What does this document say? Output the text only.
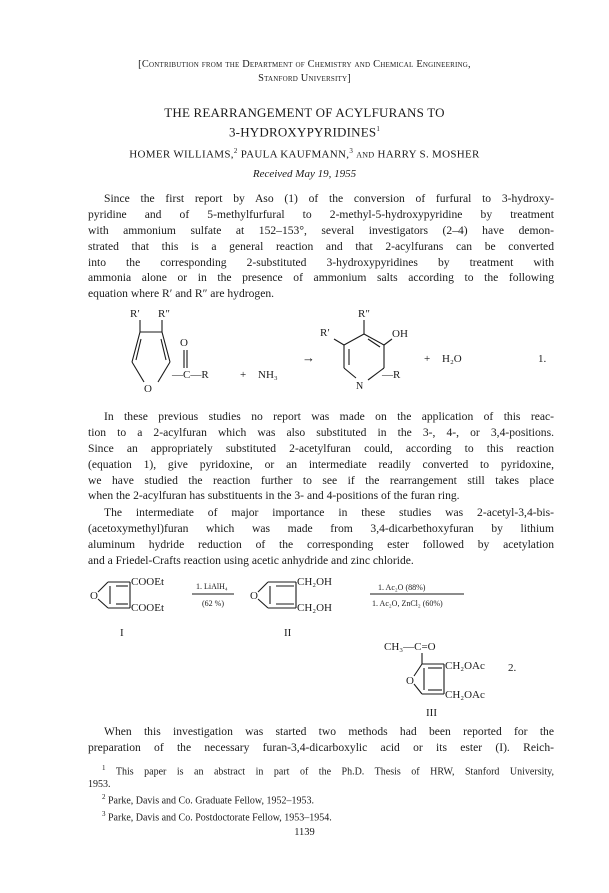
[Contribution from the Department of Chemistry and Chemical Engineering,
Stanford University]
THE REARRANGEMENT OF ACYLFURANS TO
3-HYDROXYPYRIDINES$^1$
HOMER WILLIAMS,$^2$ PAULA KAUFMANN,$^3$ and HARRY S. MOSHER
Received May 19, 1955
Since the first report by Aso (1) of the conversion of furfural to 3-hydroxy-
pyridine and of 5-methylfurfural to 2-methyl-5-hydroxypyridine by treatment
with ammonium sulfate at 152–153°, several investigators (2–4) have demon-
strated that this is a general reaction and that 2-acylfurans can be converted
into the corresponding 2-substituted 3-hydroxypyridines by treatment with
ammonia alone or in the presence of ammonium salts according to the following
equation where R′ and R″ are hydrogen.
R′ R″
O
O
—C—R	+ NH₃
→
R′
R″
OH
N
—R
+ H₂O	1.
In these previous studies no report was made on the application of this reac-
tion to a 2-acylfuran which was also substituted in the 3-, 4-, or 3,4-positions.
Since an appropriately substituted 2-acetylfuran could, according to this reaction
(equation 1), give pyridoxine, or an intermediate readily converted to pyridoxine,
we have studied the reaction further to see if the rearrangement still takes place
when the 2-acylfuran has substituents in the 3- and 4-positions of the furan ring.
The intermediate of major importance in these studies was 2-acetyl-3,4-bis-
(acetoxymethyl)furan which was made from 3,4-dicarbethoxyfuran by lithium
aluminum hydride reduction of the corresponding ester followed by acetylation
and a Friedel-Crafts reaction using acetic anhydride and zinc chloride.
COOEt
COOEt
O
I
1. LiAlH₄
(62 %)
CH₂OH
CH₂OH
O
II
1. Ac₂O (88%)
1. Ac₂O, ZnCl₂ (60%)
CH₃—C=O
CH₂OAc
CH₂OAc
O
2.
III
When this investigation was started two methods had been reported for the
preparation of the necessary furan-3,4-dicarboxylic acid or its ester (I). Reich-
$^1$ This paper is an abstract in part of the Ph.D. Thesis of HRW, Stanford University,
1953.
$^2$ Parke, Davis and Co. Graduate Fellow, 1952–1953.
$^3$ Parke, Davis and Co. Postdoctorate Fellow, 1953–1954.
1139
